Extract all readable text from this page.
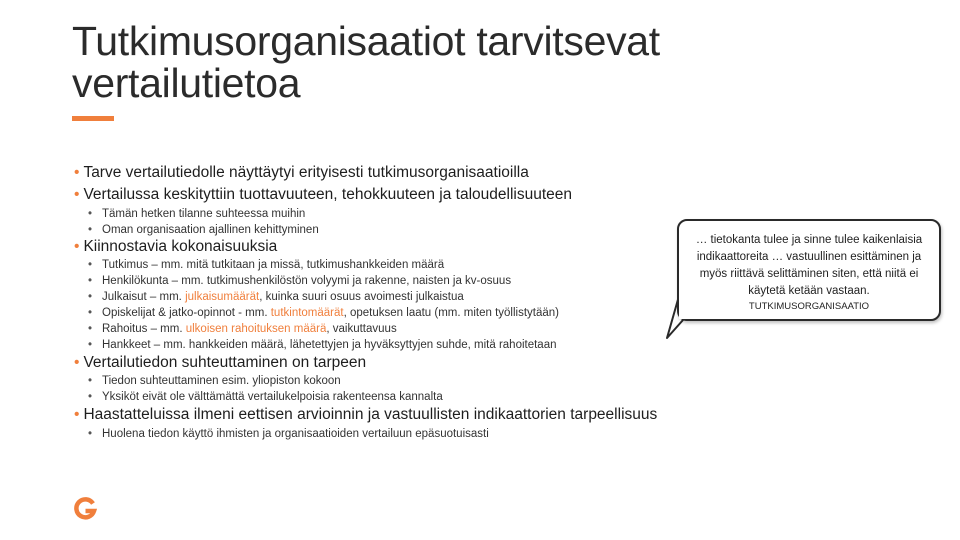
Tutkimusorganisaatiot tarvitsevat vertailutietoa
• Tarve vertailutiedolle näyttäytyi erityisesti tutkimusorganisaatioilla
• Vertailussa keskityttiin tuottavuuteen, tehokkuuteen ja taloudellisuuteen
• Tämän hetken tilanne suhteessa muihin
• Oman organisaation ajallinen kehittyminen
• Kiinnostavia kokonaisuuksia
• Tutkimus – mm. mitä tutkitaan ja missä, tutkimushankkeiden määrä
• Henkilökunta – mm. tutkimushenkilöstön volyymi ja rakenne, naisten ja kv-osuus
• Julkaisut – mm. julkaisumäärät, kuinka suuri osuus avoimesti julkaistua
• Opiskelijat & jatko-opinnot - mm. tutkintomäärät, opetuksen laatu (mm. miten työllistytään)
• Rahoitus – mm. ulkoisen rahoituksen määrä, vaikuttavuus
• Hankkeet – mm. hankkeiden määrä, lähetettyjen ja hyväksyttyjen suhde, mitä rahoitetaan
• Vertailutiedon suhteuttaminen on tarpeen
• Tiedon suhteuttaminen esim. yliopiston kokoon
• Yksiköt eivät ole välttämättä vertailukelpoisia rakenteensa kannalta
• Haastatteluissa ilmeni eettisen arvioinnin ja vastuullisten indikaattorien tarpeellisuus
• Huolena tiedon käyttö ihmisten ja organisaatioiden vertailuun epäsuotuisasti
… tietokanta tulee ja sinne tulee kaikenlaisia indikaattoreita … vastuullinen esittäminen ja myös riittävä selittäminen siten, että niitä ei käytetä ketään vastaan.
TUTKIMUSORGANISAATIO
